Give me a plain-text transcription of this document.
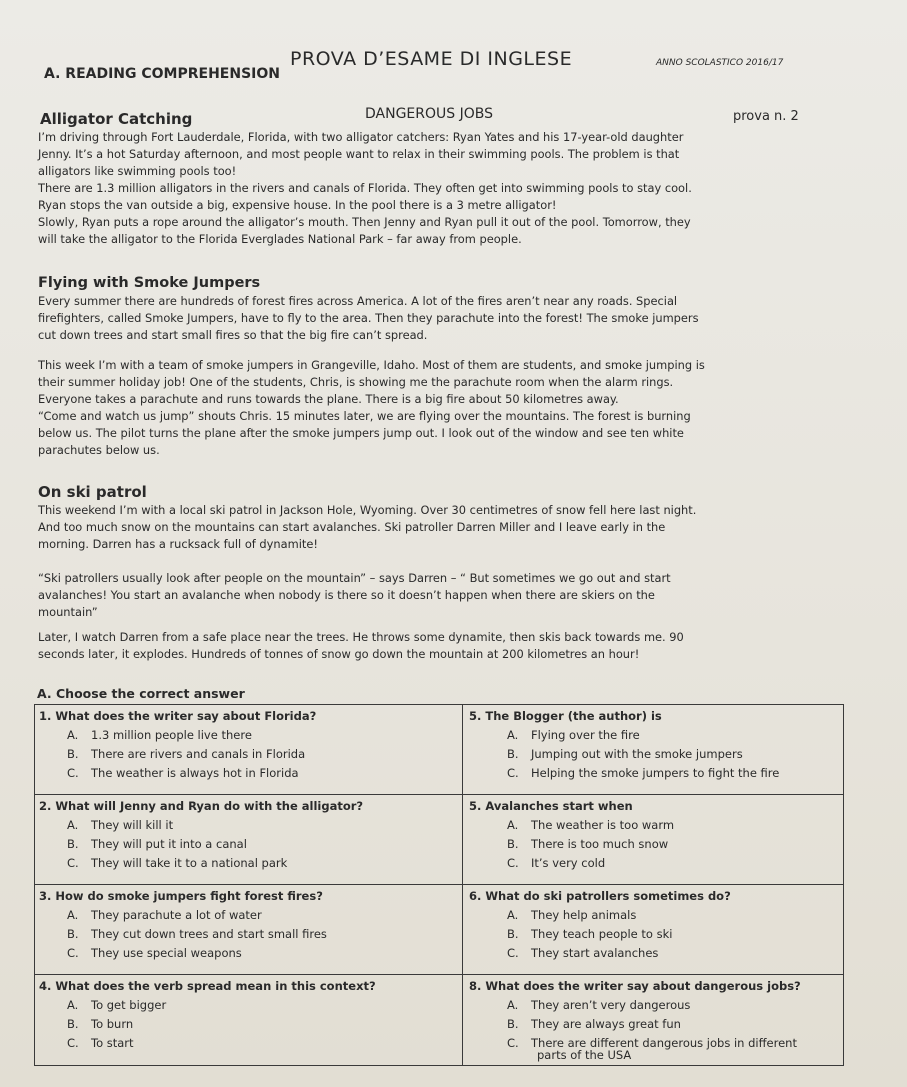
PROVA D’ESAME DI INGLESE	ANNO SCOLASTICO 2016/17
A. READING COMPREHENSION
DANGEROUS JOBS	prova n. 2
Alligator Catching
I’m driving through Fort Lauderdale, Florida, with two alligator catchers: Ryan Yates and his 17-year-old daughter
Jenny. It’s a hot Saturday afternoon, and most people want to relax in their swimming pools. The problem is that
alligators like swimming pools too!
There are 1.3 million alligators in the rivers and canals of Florida. They often get into swimming pools to stay cool.
Ryan stops the van outside a big, expensive house. In the pool there is a 3 metre alligator!
Slowly, Ryan puts a rope around the alligator’s mouth. Then Jenny and Ryan pull it out of the pool. Tomorrow, they
will take the alligator to the Florida Everglades National Park – far away from people.
Flying with Smoke Jumpers
Every summer there are hundreds of forest fires across America. A lot of the fires aren’t near any roads. Special
firefighters, called Smoke Jumpers, have to fly to the area. Then they parachute into the forest! The smoke jumpers
cut down trees and start small fires so that the big fire can’t spread.
This week I’m with a team of smoke jumpers in Grangeville, Idaho. Most of them are students, and smoke jumping is
their summer holiday job! One of the students, Chris, is showing me the parachute room when the alarm rings.
Everyone takes a parachute and runs towards the plane. There is a big fire about 50 kilometres away.
“Come and watch us jump” shouts Chris. 15 minutes later, we are flying over the mountains. The forest is burning
below us. The pilot turns the plane after the smoke jumpers jump out. I look out of the window and see ten white
parachutes below us.
On ski patrol
This weekend I’m with a local ski patrol in Jackson Hole, Wyoming. Over 30 centimetres of snow fell here last night.
And too much snow on the mountains can start avalanches. Ski patroller Darren Miller and I leave early in the
morning. Darren has a rucksack full of dynamite!
“Ski patrollers usually look after people on the mountain” – says Darren – “ But sometimes we go out and start
avalanches! You start an avalanche when nobody is there so it doesn’t happen when there are skiers on the
mountain”
Later, I watch Darren from a safe place near the trees. He throws some dynamite, then skis back towards me. 90
seconds later, it explodes. Hundreds of tonnes of snow go down the mountain at 200 kilometres an hour!
A. Choose the correct answer
1. What does the writer say about Florida?
A. 1.3 million people live there
B. There are rivers and canals in Florida
C. The weather is always hot in Florida
5. The Blogger (the author) is
A. Flying over the fire
B. Jumping out with the smoke jumpers
C. Helping the smoke jumpers to fight the fire
2. What will Jenny and Ryan do with the alligator?
A. They will kill it
B. They will put it into a canal
C. They will take it to a national park
5. Avalanches start when
A. The weather is too warm
B. There is too much snow
C. It’s very cold
3. How do smoke jumpers fight forest fires?
A. They parachute a lot of water
B. They cut down trees and start small fires
C. They use special weapons
6. What do ski patrollers sometimes do?
A. They help animals
B. They teach people to ski
C. They start avalanches
4. What does the verb spread mean in this context?
A. To get bigger
B. To burn
C. To start
8. What does the writer say about dangerous jobs?
A. They aren’t very dangerous
B. They are always great fun
C. There are different dangerous jobs in different
parts of the USA
